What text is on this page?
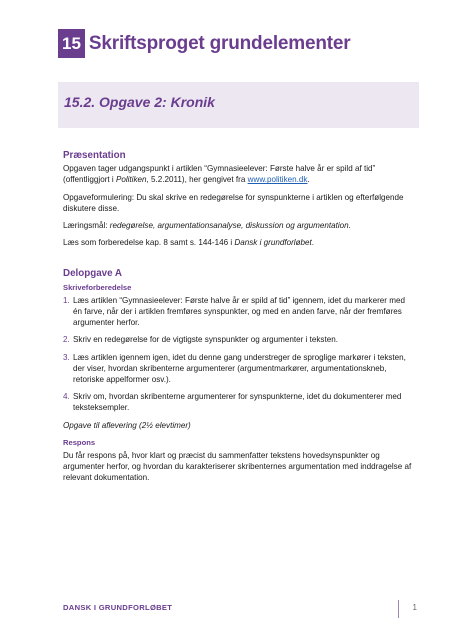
15 Skriftsproget grundelementer
15.2. Opgave 2: Kronik
Præsentation

Opgaven tager udgangspunkt i artiklen “Gymnasieelever: Første halve år er spild af tid” (offentliggjort i Politiken, 5.2.2011), her gengivet fra www.politiken.dk.

Opgaveformulering: Du skal skrive en redegørelse for synspunkterne i artiklen og efterfølgende diskutere disse.

Læringsmål: redegørelse, argumentationsanalyse, diskussion og argumentation.

Læs som forberedelse kap. 8 samt s. 144-146 i Dansk i grundforløbet.

Delopgave A
Skriveforberedelse
1. Læs artiklen “Gymnasieelever: Første halve år er spild af tid” igennem, idet du markerer med én farve, når der i artiklen fremføres synspunkter, og med en anden farve, når der fremføres argumenter herfor.
2. Skriv en redegørelse for de vigtigste synspunkter og argumenter i teksten.
3. Læs artiklen igennem igen, idet du denne gang understreger de sproglige markører i teksten, der viser, hvordan skribenterne argumenterer (argumentmarkører, argumentationskneb, retoriske appelformer osv.).
4. Skriv om, hvordan skribenterne argumenterer for synspunkterne, idet du dokumenterer med teksteksempler.

Opgave til aflevering (2½ elevtimer)

Respons

Du får respons på, hvor klart og præcist du sammenfatter tekstens hovedsynspunkter og argumenter herfor, og hvordan du karakteriserer skribenternes argumentation med inddragelse af relevant dokumentation.

DANSK I GRUNDFORLØBET	1
